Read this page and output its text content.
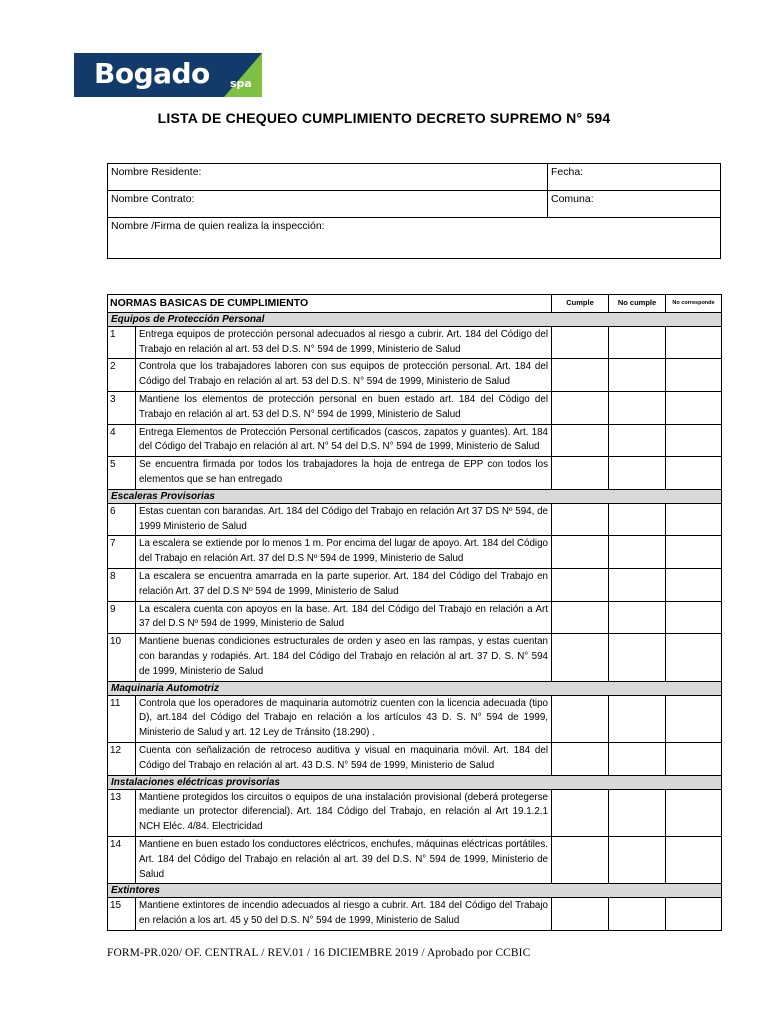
Bogado spa
LISTA DE CHEQUEO CUMPLIMIENTO DECRETO SUPREMO N° 594
Nombre Residente:	Fecha:
Nombre Contrato:	Comuna:
Nombre /Firma de quien realiza la inspección:	
NORMAS BASICAS DE CUMPLIMIENTO		Cumple	No cumple	No corresponde
Equipos de Protección Personal				
1	Entrega equipos de protección personal adecuados al riesgo a cubrir. Art. 184 del Código del Trabajo en relación al art. 53 del D.S. N° 594 de 1999, Ministerio de Salud			
2	Controla que los trabajadores laboren con sus equipos de protección personal. Art. 184 del Código del Trabajo en relación al art. 53 del D.S. N° 594 de 1999, Ministerio de Salud			
3	Mantiene los elementos de protección personal en buen estado art. 184 del Código del Trabajo en relación al art. 53 del D.S. N° 594 de 1999, Ministerio de Salud			
4	Entrega Elementos de Protección Personal certificados (cascos, zapatos y guantes). Art. 184 del Código del Trabajo en relación al art. N° 54 del D.S. N° 594 de 1999, Ministerio de Salud			
5	Se encuentra firmada por todos los trabajadores la hoja de entrega de EPP con todos los elementos que se han entregado			
Escaleras Provisorias				
6	Estas cuentan con barandas. Art. 184 del Código del Trabajo en relación Art 37 DS Nº 594, de 1999 Ministerio de Salud			
7	La escalera se extiende por lo menos 1 m. Por encima del lugar de apoyo. Art. 184 del Código del Trabajo en relación Art. 37 del D.S Nº 594 de 1999, Ministerio de Salud			
8	La escalera se encuentra amarrada en la parte superior. Art. 184 del Código del Trabajo en relación Art. 37 del D.S Nº 594 de 1999, Ministerio de Salud			
9	La escalera cuenta con apoyos en la base. Art. 184 del Código del Trabajo en relación a Art 37 del D.S Nº 594 de 1999, Ministerio de Salud			
10	Mantiene buenas condiciones estructurales de orden y aseo en las rampas, y estas cuentan con barandas y rodapiés. Art. 184 del Código del Trabajo en relación al art. 37 D. S. N° 594 de 1999, Ministerio de Salud			
Maquinaria Automotriz				
11	Controla que los operadores de maquinaria automotriz cuenten con la licencia adecuada (tipo D), art.184 del Código del Trabajo en relación a los artículos 43 D. S. N° 594 de 1999, Ministerio de Salud y art. 12 Ley de Tránsito (18.290) .			
12	Cuenta con señalización de retroceso auditiva y visual en maquinaria móvil. Art. 184 del Código del Trabajo en relación al art. 43 D.S. N° 594 de 1999, Ministerio de Salud			
Instalaciones eléctricas provisorias				
13	Mantiene protegidos los circuitos o equipos de una instalación provisional (deberá protegerse mediante un protector diferencial). Art. 184 Código del Trabajo, en relación al Art 19.1.2.1 NCH Eléc. 4/84. Electricidad			
14	Mantiene en buen estado los conductores eléctricos, enchufes, máquinas eléctricas portátiles. Art. 184 del Código del Trabajo en relación al art. 39 del D.S. N° 594 de 1999, Ministerio de Salud			
Extintores				
15	Mantiene extintores de incendio adecuados al riesgo a cubrir. Art. 184 del Código del Trabajo en relación a los art. 45 y 50 del D.S. N° 594 de 1999, Ministerio de Salud			
FORM-PR.020/ OF. CENTRAL / REV.01 / 16 DICIEMBRE 2019 / Aprobado por CCBIC
